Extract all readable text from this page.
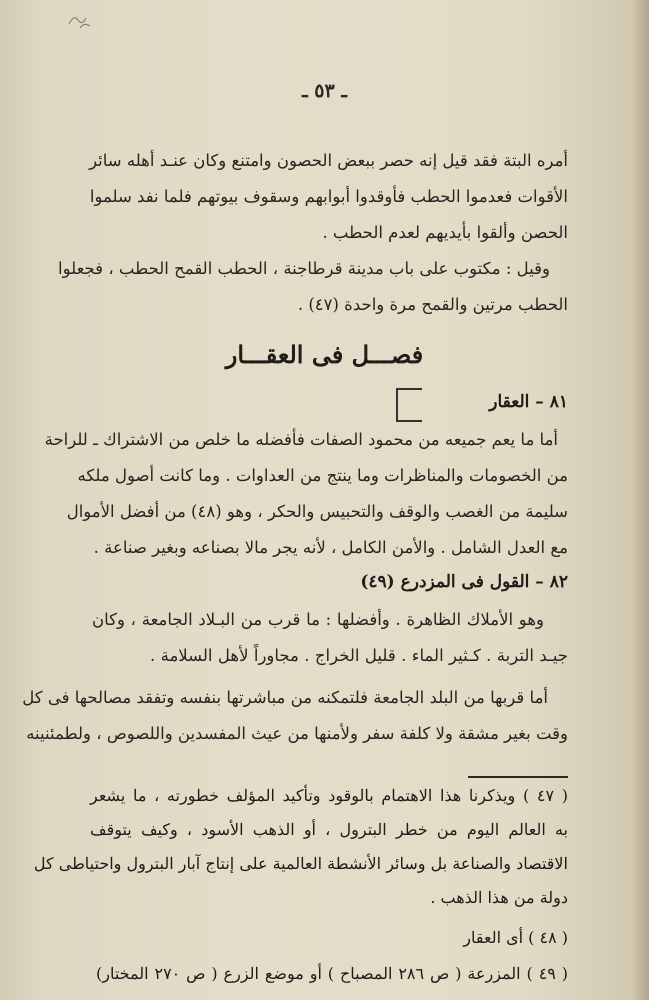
ـ ٥٣ ـ
أمره البتة فقد قيل إنه حصر ببعض الحصون وامتنع وكان عنـد أهله سائر
الأقوات فعدموا الحطب فأوقدوا أبوابهم وسقوف بيوتهم فلما نفد سلموا
الحصن وألقوا بأيديهم لعدم الحطب .
وقيل : مكتوب على باب مدينة قرطاجنة ، الحطب القمح الحطب ، فجعلوا
الحطب مرتين والقمح مرة واحدة (٤٧) .
فصـــل فى العقـــار
٨١ – العقار
أما ما يعم جميعه من محمود الصفات فأفضله ما خلص من الاشتراك ـ للراحة
من الخصومات والمناظرات وما ينتج من العداوات . وما كانت أصول ملكه
سليمة من الغصب والوقف والتحبيس والحكر ، وهو (٤٨) من أفضل الأموال
مع العدل الشامل . والأمن الكامل ، لأنه يجر مالا بصناعه وبغير صناعة .
٨٢ – القول فى المزدرع (٤٩)
وهو الأملاك الظاهرة . وأفضلها : ما قرب من البـلاد الجامعة ، وكان
جيـد التربة . كـثير الماء . قليل الخراج . مجاوراً لأهل السلامة .
أما قربها من البلد الجامعة فلتمكنه من مباشرتها بنفسه وتفقد مصالحها فى كل
وقت بغير مشقة ولا كلفة سفر ولأمنها من عيث المفسدين واللصوص ، ولطمئنينه
( ٤٧ ) ويذكرنا هذا الاهتمام بالوقود وتأكيد المؤلف خطورته ، ما يشعر
به العالم اليوم من خطر البترول ، أو الذهب الأسود ، وكيف يتوقف
الاقتصاد والصناعة بل وسائر الأنشطة العالمية على إنتاج آبار البترول واحتياطى كل
دولة من هذا الذهب .
( ٤٨ ) أى العقار
( ٤٩ ) المزرعة ( ص ٢٨٦ المصباح ) أو موضع الزرع ( ص ٢٧٠ المختار)
